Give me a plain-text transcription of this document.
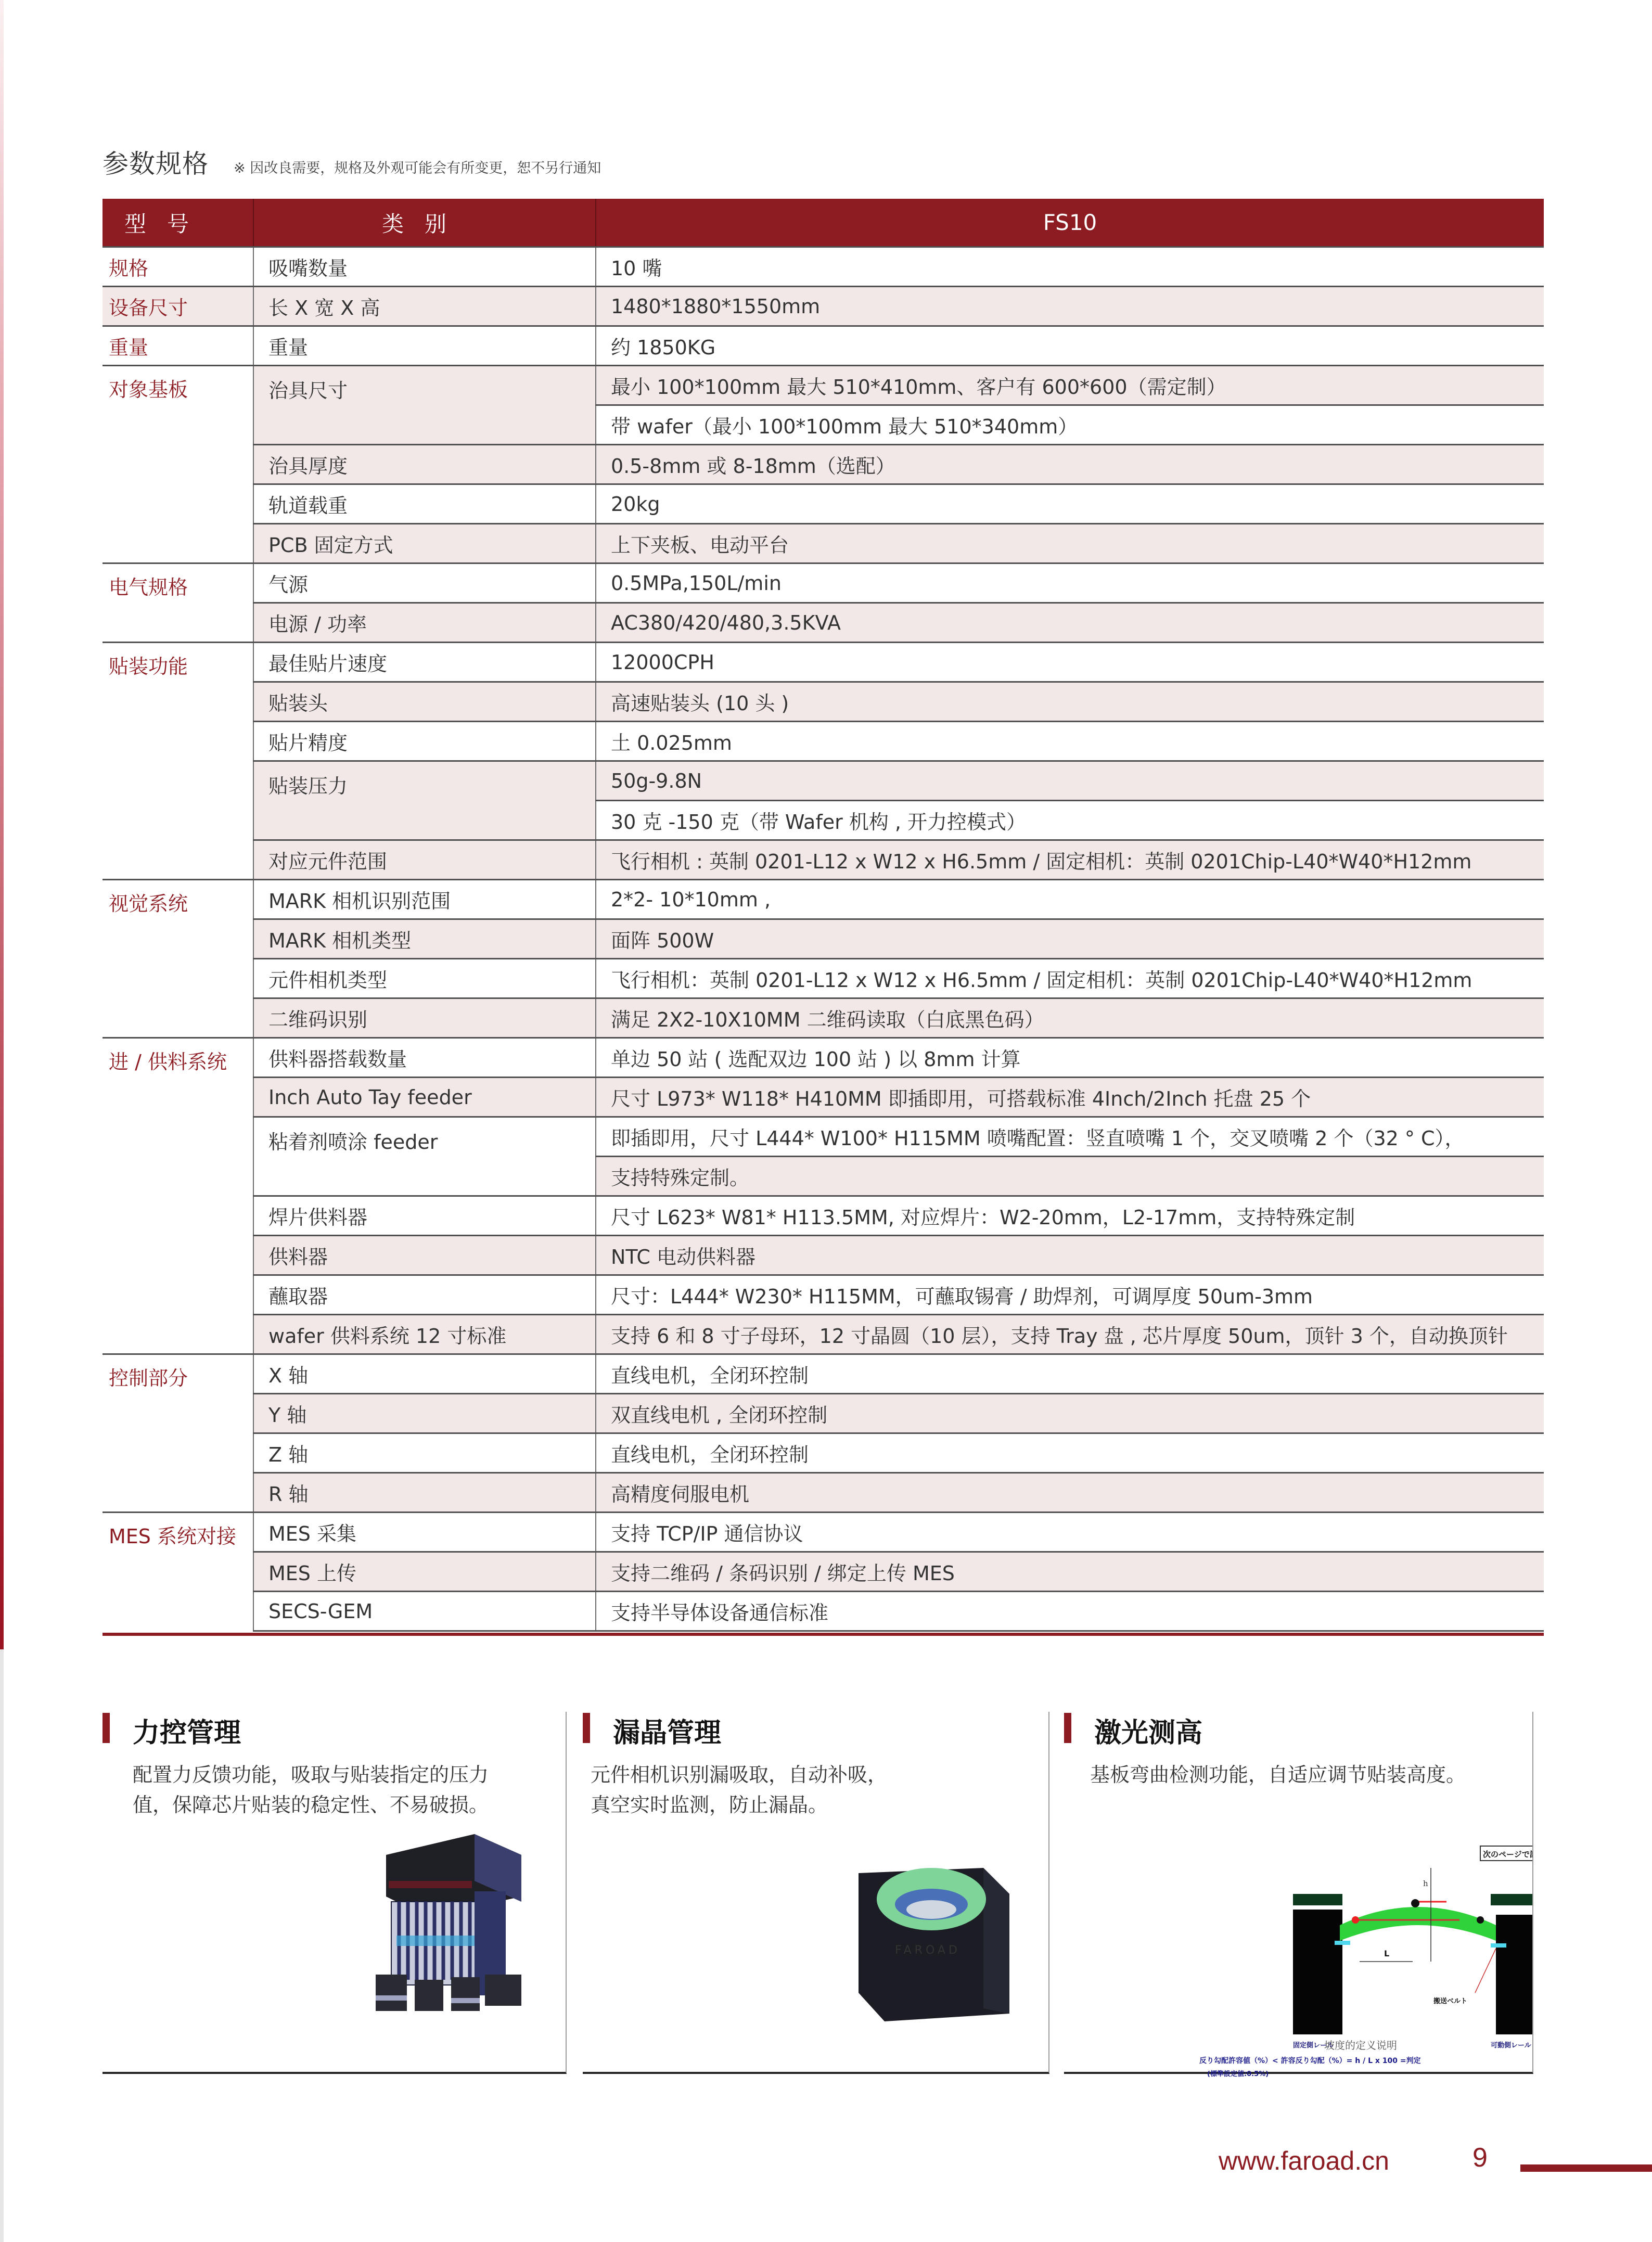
参数规格 ※ 因改良需要，规格及外观可能会有所变更，恕不另行通知
型号	类别	FS10
规格	吸嘴数量	10 嘴
设备尺寸	长 X 宽 X 高	1480*1880*1550mm
重量	重量	约 1850KG
对象基板	治具尺寸	最小 100*100mm 最大 510*410mm、客户有 600*600（需定制）
		带 wafer（最小 100*100mm 最大 510*340mm）
	治具厚度	0.5-8mm 或 8-18mm（选配）
	轨道载重	20kg
	PCB 固定方式	上下夹板、电动平台
电气规格	气源	0.5MPa,150L/min
	电源 / 功率	AC380/420/480,3.5KVA
贴装功能	最佳贴片速度	12000CPH
	贴装头	高速贴装头 (10 头 )
	贴片精度	土 0.025mm
	贴装压力	50g-9.8N
		30 克 -150 克（带 Wafer 机构 , 开力控模式）
	对应元件范围	飞行相机 : 英制 0201-L12 x W12 x H6.5mm / 固定相机：英制 0201Chip-L40*W40*H12mm
视觉系统	MARK 相机识别范围	2*2- 10*10mm ,
	MARK 相机类型	面阵 500W
	元件相机类型	飞行相机：英制 0201-L12 x W12 x H6.5mm / 固定相机：英制 0201Chip-L40*W40*H12mm
	二维码识别	满足 2X2-10X10MM 二维码读取（白底黑色码）
进 / 供料系统	供料器搭载数量	单边 50 站 ( 选配双边 100 站 ) 以 8mm 计算
	Inch Auto Tay feeder	尺寸 L973* W118* H410MM 即插即用，可搭载标准 4Inch/2Inch 托盘 25 个
	粘着剂喷涂 feeder	即插即用，尺寸 L444* W100* H115MM 喷嘴配置：竖直喷嘴 1 个，交叉喷嘴 2 个（32 ° C），
		支持特殊定制。
	焊片供料器	尺寸 L623* W81* H113.5MM, 对应焊片：W2-20mm，L2-17mm，支持特殊定制
	供料器	NTC 电动供料器
	蘸取器	尺寸：L444* W230* H115MM，可蘸取锡膏 / 助焊剂，可调厚度 50um-3mm
	wafer 供料系统 12 寸标准	支持 6 和 8 寸子母环，12 寸晶圆（10 层），支持 Tray 盘 , 芯片厚度 50um，顶针 3 个，自动换顶针
控制部分	X 轴	直线电机，全闭环控制
	Y 轴	双直线电机 , 全闭环控制
	Z 轴	直线电机，全闭环控制
	R 轴	高精度伺服电机
MES 系统对接	MES 采集	支持 TCP/IP 通信协议
	MES 上传	支持二维码 / 条码识别 / 绑定上传 MES
	SECS-GEM	支持半导体设备通信标准
力控管理
配置力反馈功能，吸取与贴装指定的压力
值，保障芯片贴装的稳定性、不易破损。
漏晶管理
元件相机识别漏吸取，自动补吸，
真空实时监测，防止漏晶。
FAROAD
激光测高
基板弯曲检测功能，自适应调节贴装高度。
次のページで説
h
L
搬送ベルト
固定側レール	可動側レール
反り勾配許容値（%）< 許容反り勾配（%）= h / L x 100 =判定
(標準設定値:0.5%)
坡度的定义说明
www.faroad.cn	9
